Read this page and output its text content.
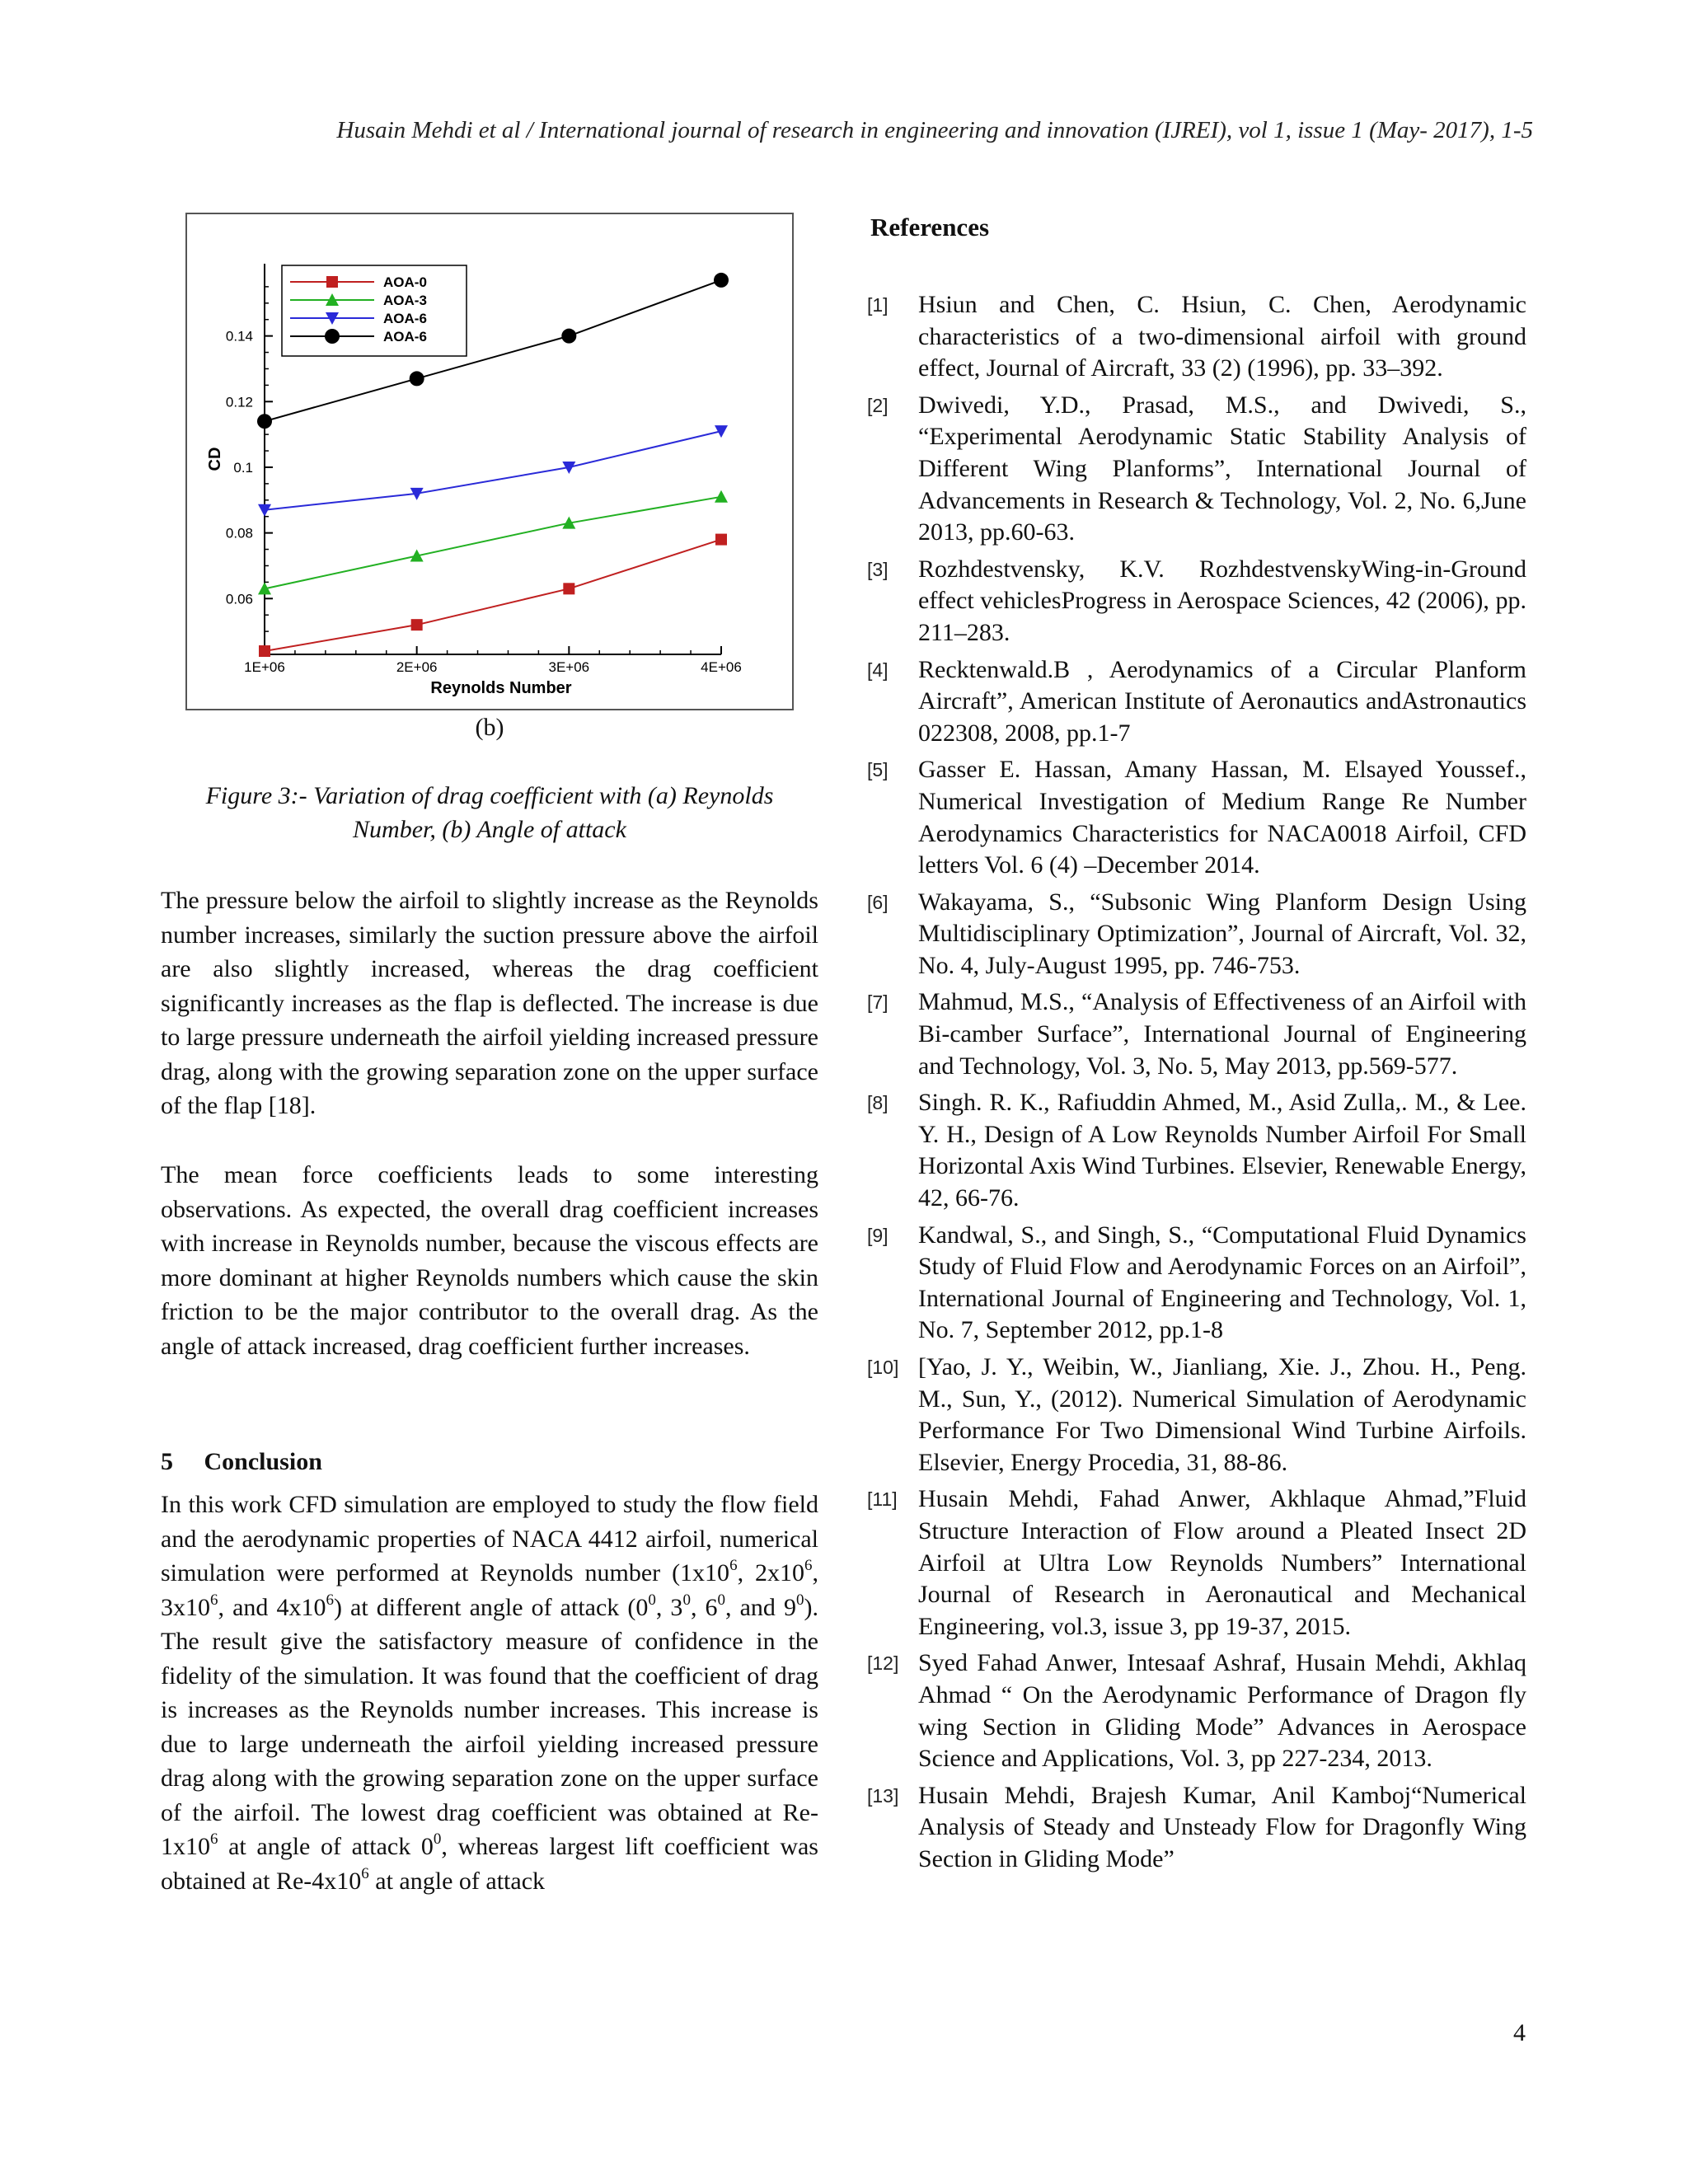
Husain Mehdi et al / International journal of research in engineering and innovation (IJREI), vol 1, issue 1 (May- 2017), 1-5
1E+06	2E+06	3E+06	4E+06
0.06
0.08
0.1
0.12
0.14
Reynolds Number
CD
AOA-0
AOA-3
AOA-6
AOA-6
(b)
Figure 3:- Variation of drag coefficient with (a) Reynolds
Number, (b) Angle of attack

The pressure below the airfoil to slightly increase as the Reynolds number increases, similarly the suction pressure above the airfoil are also slightly increased, whereas the drag coefficient significantly increases as the flap is deflected. The increase is due to large pressure underneath the airfoil yielding increased pressure drag, along with the growing separation zone on the upper surface of the flap [18].

The mean force coefficients leads to some interesting observations. As expected, the overall drag coefficient increases with increase in Reynolds number, because the viscous effects are more dominant at higher Reynolds numbers which cause the skin friction to be the major contributor to the overall drag. As the angle of attack increased, drag coefficient further increases.

5     Conclusion

In this work CFD simulation are employed to study the flow field and the aerodynamic properties of NACA 4412 airfoil, numerical simulation were performed at Reynolds number ($1x10^6$, $2x10^6$, $3x10^6$, and $4x10^6$) at different angle of attack ($0^0$, $3^0$, $6^0$, and $9^0$). The result give the satisfactory measure of confidence in the fidelity of the simulation. It was found that the coefficient of drag is increases as the Reynolds number increases. This increase is due to large underneath the airfoil yielding increased pressure drag along with the growing separation zone on the upper surface of the airfoil. The lowest drag coefficient was obtained at $Re-1x10^6$ at angle of attack $0^0$, whereas largest lift coefficient was obtained at $Re-4x10^6$ at angle of attack

References
[1]	Hsiun and Chen, C. Hsiun, C. Chen, Aerodynamic characteristics of a two-dimensional airfoil with ground effect, Journal of Aircraft, 33 (2) (1996), pp. 33–392.
[2]	Dwivedi, Y.D., Prasad, M.S., and Dwivedi, S., “Experimental Aerodynamic Static Stability Analysis of Different Wing Planforms”, International Journal of Advancements in Research & Technology, Vol. 2, No. 6,June 2013, pp.60-63.
[3]	Rozhdestvensky, K.V. RozhdestvenskyWing-in-Ground effect vehiclesProgress in Aerospace Sciences, 42 (2006), pp. 211–283.
[4]	Recktenwald.B , Aerodynamics of a Circular Planform Aircraft”, American Institute of Aeronautics andAstronautics 022308, 2008, pp.1-7
[5]	Gasser E. Hassan, Amany Hassan, M. Elsayed Youssef., Numerical Investigation of Medium Range Re Number Aerodynamics Characteristics for NACA0018 Airfoil, CFD letters Vol. 6 (4) –December 2014.
[6]	Wakayama, S., “Subsonic Wing Planform Design Using Multidisciplinary Optimization”, Journal of Aircraft, Vol. 32, No. 4, July-August 1995, pp. 746-753.
[7]	Mahmud, M.S., “Analysis of Effectiveness of an Airfoil with Bi-camber Surface”, International Journal of Engineering and Technology, Vol. 3, No. 5, May 2013, pp.569-577.
[8]	Singh. R. K., Rafiuddin Ahmed, M., Asid Zulla,. M., & Lee. Y. H., Design of A Low Reynolds Number Airfoil For Small Horizontal Axis Wind Turbines. Elsevier, Renewable Energy, 42, 66-76.
[9]	Kandwal, S., and Singh, S., “Computational Fluid Dynamics Study of Fluid Flow and Aerodynamic Forces on an Airfoil”, International Journal of Engineering and Technology, Vol. 1, No. 7, September 2012, pp.1-8
[10] [Yao, J. Y., Weibin, W., Jianliang, Xie. J., Zhou. H., Peng. M., Sun, Y., (2012). Numerical Simulation of Aerodynamic Performance For Two Dimensional Wind Turbine Airfoils. Elsevier, Energy Procedia, 31, 88-86.
[11] Husain Mehdi, Fahad Anwer, Akhlaque Ahmad,”Fluid Structure Interaction of Flow around a Pleated Insect 2D Airfoil at Ultra Low Reynolds Numbers” International Journal of Research in Aeronautical and Mechanical Engineering, vol.3, issue 3, pp 19-37, 2015.
[12] Syed Fahad Anwer, Intesaaf Ashraf, Husain Mehdi, Akhlaq Ahmad “ On the Aerodynamic Performance of Dragon fly wing Section in Gliding Mode” Advances in Aerospace Science and Applications, Vol. 3, pp 227-234, 2013.
[13] Husain Mehdi, Brajesh Kumar, Anil Kamboj“Numerical Analysis of Steady and Unsteady Flow for Dragonfly Wing Section in Gliding Mode”
4
